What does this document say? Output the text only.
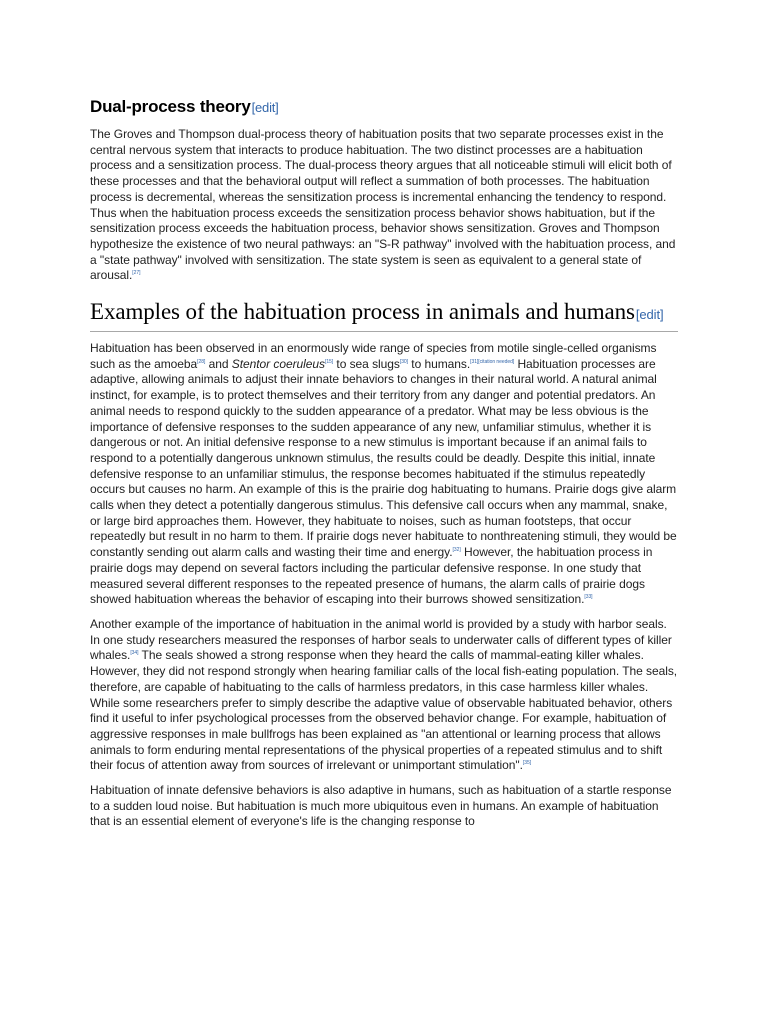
Dual-process theory[edit]

The Groves and Thompson dual-process theory of habituation posits that two separate processes exist in the central nervous system that interacts to produce habituation. The two distinct processes are a habituation process and a sensitization process. The dual-process theory argues that all noticeable stimuli will elicit both of these processes and that the behavioral output will reflect a summation of both processes. The habituation process is decremental, whereas the sensitization process is incremental enhancing the tendency to respond. Thus when the habituation process exceeds the sensitization process behavior shows habituation, but if the sensitization process exceeds the habituation process, behavior shows sensitization. Groves and Thompson hypothesize the existence of two neural pathways: an "S-R pathway" involved with the habituation process, and a "state pathway" involved with sensitization. The state system is seen as equivalent to a general state of arousal.[27]

Examples of the habituation process in animals and humans[edit]

Habituation has been observed in an enormously wide range of species from motile single-celled organisms such as the amoeba[28] and Stentor coeruleus[15] to sea slugs[30] to humans.[31][citation needed] Habituation processes are adaptive, allowing animals to adjust their innate behaviors to changes in their natural world. A natural animal instinct, for example, is to protect themselves and their territory from any danger and potential predators. An animal needs to respond quickly to the sudden appearance of a predator. What may be less obvious is the importance of defensive responses to the sudden appearance of any new, unfamiliar stimulus, whether it is dangerous or not. An initial defensive response to a new stimulus is important because if an animal fails to respond to a potentially dangerous unknown stimulus, the results could be deadly. Despite this initial, innate defensive response to an unfamiliar stimulus, the response becomes habituated if the stimulus repeatedly occurs but causes no harm. An example of this is the prairie dog habituating to humans. Prairie dogs give alarm calls when they detect a potentially dangerous stimulus. This defensive call occurs when any mammal, snake, or large bird approaches them. However, they habituate to noises, such as human footsteps, that occur repeatedly but result in no harm to them. If prairie dogs never habituate to nonthreatening stimuli, they would be constantly sending out alarm calls and wasting their time and energy.[32] However, the habituation process in prairie dogs may depend on several factors including the particular defensive response. In one study that measured several different responses to the repeated presence of humans, the alarm calls of prairie dogs showed habituation whereas the behavior of escaping into their burrows showed sensitization.[33]

Another example of the importance of habituation in the animal world is provided by a study with harbor seals. In one study researchers measured the responses of harbor seals to underwater calls of different types of killer whales.[34] The seals showed a strong response when they heard the calls of mammal-eating killer whales. However, they did not respond strongly when hearing familiar calls of the local fish-eating population. The seals, therefore, are capable of habituating to the calls of harmless predators, in this case harmless killer whales. While some researchers prefer to simply describe the adaptive value of observable habituated behavior, others find it useful to infer psychological processes from the observed behavior change. For example, habituation of aggressive responses in male bullfrogs has been explained as "an attentional or learning process that allows animals to form enduring mental representations of the physical properties of a repeated stimulus and to shift their focus of attention away from sources of irrelevant or unimportant stimulation".[35]

Habituation of innate defensive behaviors is also adaptive in humans, such as habituation of a startle response to a sudden loud noise. But habituation is much more ubiquitous even in humans. An example of habituation that is an essential element of everyone's life is the changing response to
